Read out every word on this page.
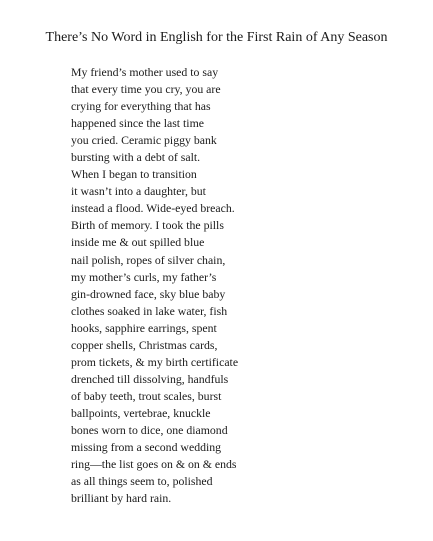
There’s No Word in English for the First Rain of Any Season
My friend’s mother used to say
that every time you cry, you are
crying for everything that has
happened since the last time
you cried. Ceramic piggy bank
bursting with a debt of salt.
When I began to transition
it wasn’t into a daughter, but
instead a flood. Wide-eyed breach.
Birth of memory. I took the pills
inside me & out spilled blue
nail polish, ropes of silver chain,
my mother’s curls, my father’s
gin-drowned face, sky blue baby
clothes soaked in lake water, fish
hooks, sapphire earrings, spent
copper shells, Christmas cards,
prom tickets, & my birth certificate
drenched till dissolving, handfuls
of baby teeth, trout scales, burst
ballpoints, vertebrae, knuckle
bones worn to dice, one diamond
missing from a second wedding
ring—the list goes on & on & ends
as all things seem to, polished
brilliant by hard rain.
